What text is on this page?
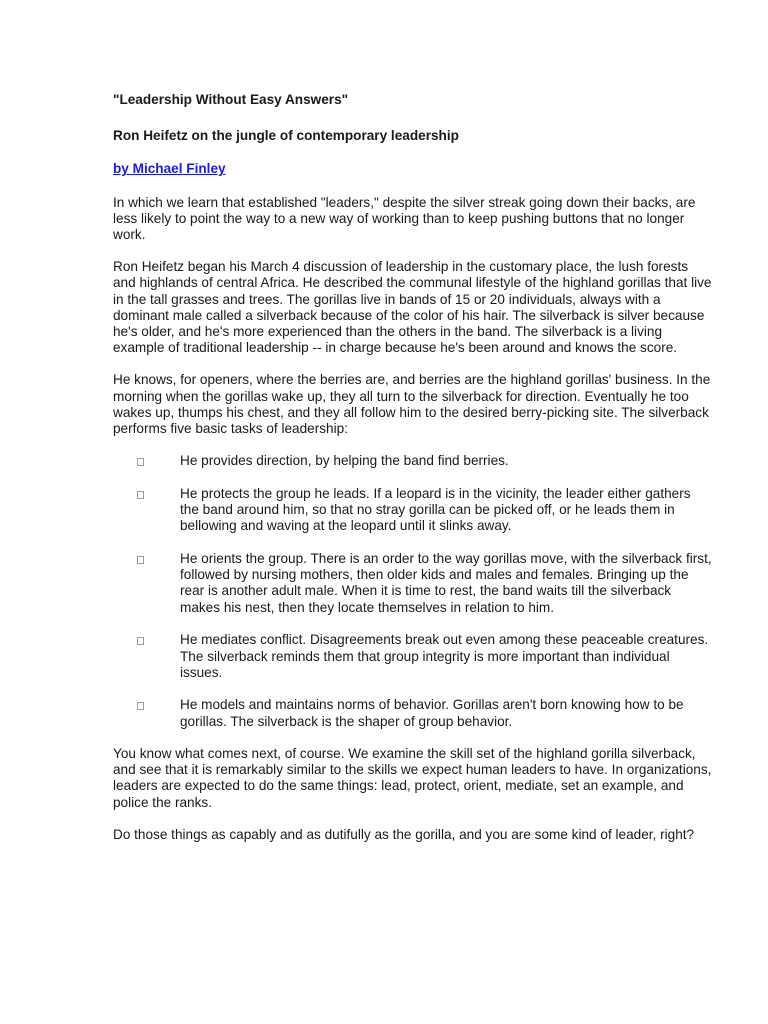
"Leadership Without Easy Answers"
Ron Heifetz on the jungle of contemporary leadership
by Michael Finley

In which we learn that established "leaders," despite the silver streak going down their backs, are less likely to point the way to a new way of working than to keep pushing buttons that no longer work.

Ron Heifetz began his March 4 discussion of leadership in the customary place, the lush forests and highlands of central Africa. He described the communal lifestyle of the highland gorillas that live in the tall grasses and trees. The gorillas live in bands of 15 or 20 individuals, always with a dominant male called a silverback because of the color of his hair. The silverback is silver because he's older, and he's more experienced than the others in the band. The silverback is a living example of traditional leadership -- in charge because he's been around and knows the score.

He knows, for openers, where the berries are, and berries are the highland gorillas' business. In the morning when the gorillas wake up, they all turn to the silverback for direction. Eventually he too wakes up, thumps his chest, and they all follow him to the desired berry-picking site. The silverback performs five basic tasks of leadership:

He provides direction, by helping the band find berries.
He protects the group he leads. If a leopard is in the vicinity, the leader either gathers the band around him, so that no stray gorilla can be picked off, or he leads them in bellowing and waving at the leopard until it slinks away.
He orients the group. There is an order to the way gorillas move, with the silverback first, followed by nursing mothers, then older kids and males and females. Bringing up the rear is another adult male. When it is time to rest, the band waits till the silverback makes his nest, then they locate themselves in relation to him.
He mediates conflict. Disagreements break out even among these peaceable creatures. The silverback reminds them that group integrity is more important than individual issues.
He models and maintains norms of behavior. Gorillas aren't born knowing how to be gorillas. The silverback is the shaper of group behavior.

You know what comes next, of course. We examine the skill set of the highland gorilla silverback, and see that it is remarkably similar to the skills we expect human leaders to have. In organizations, leaders are expected to do the same things: lead, protect, orient, mediate, set an example, and police the ranks.

Do those things as capably and as dutifully as the gorilla, and you are some kind of leader, right?
